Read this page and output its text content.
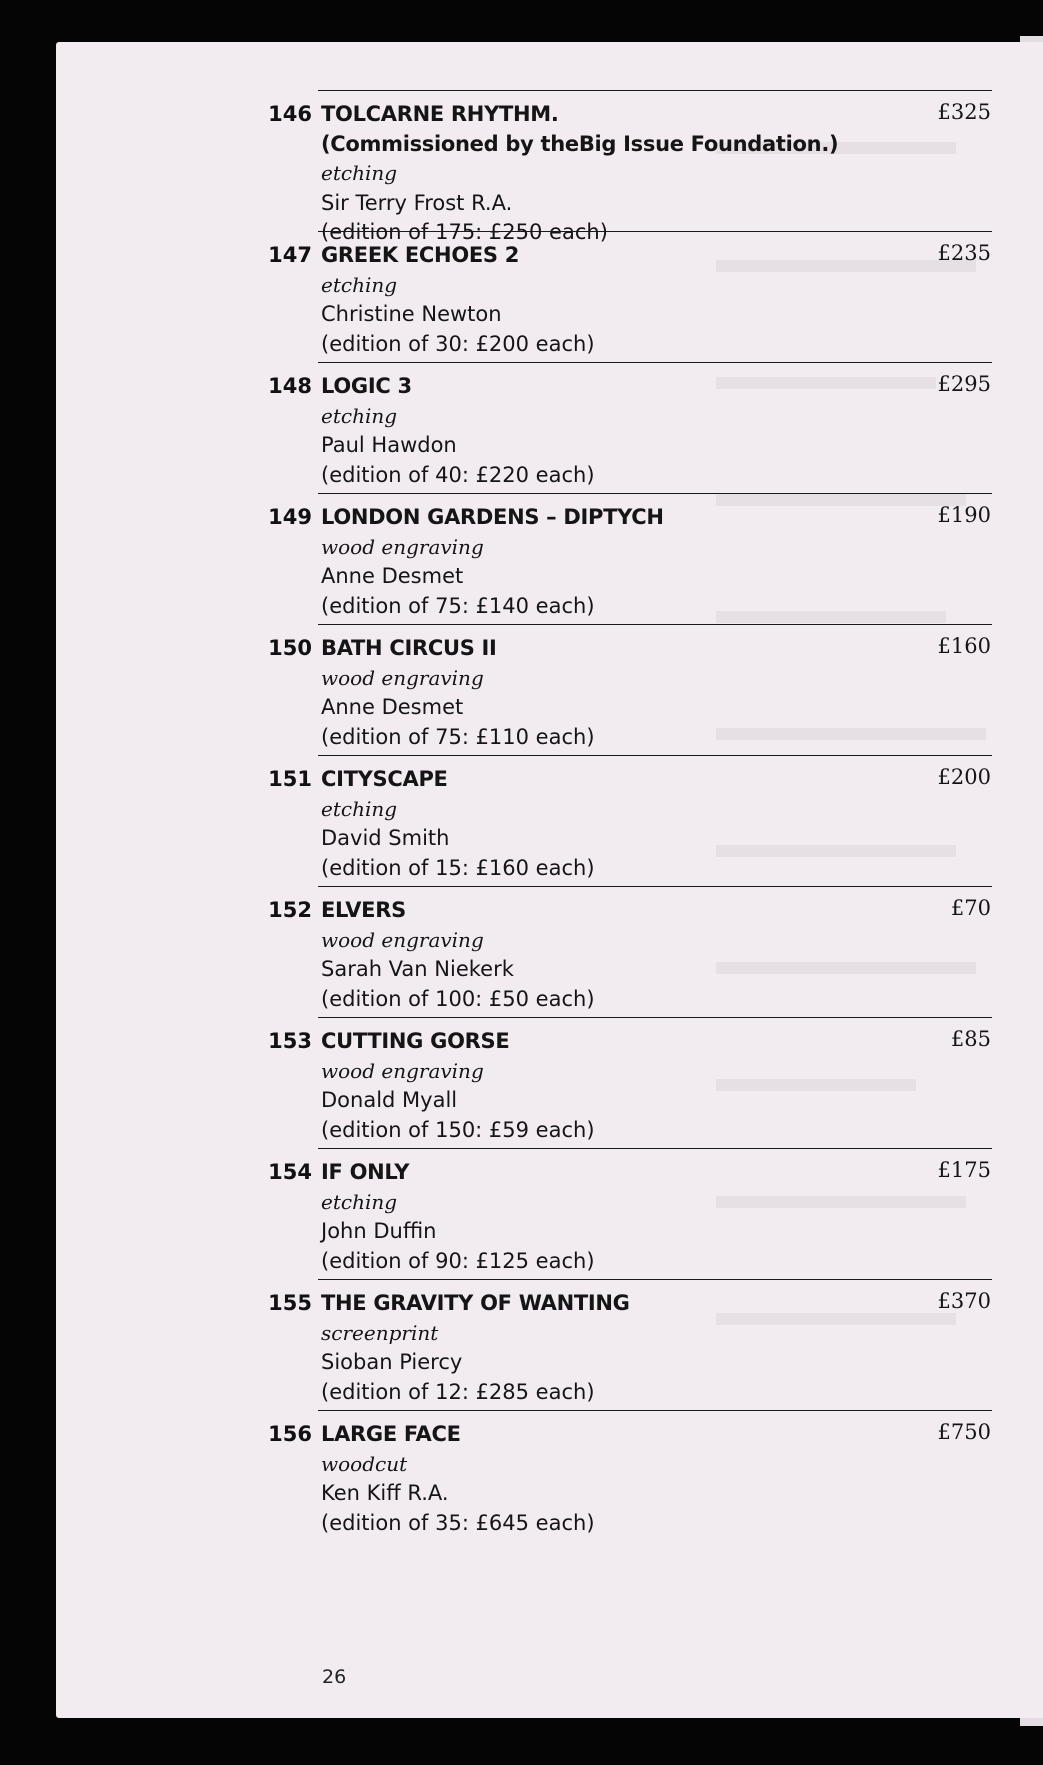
146 TOLCARNE RHYTHM.
(Commissioned by theBig Issue Foundation.)
etching
Sir Terry Frost R.A.
(edition of 175: £250 each)
£325
147 GREEK ECHOES 2
etching
Christine Newton
(edition of 30: £200 each)
£235
148 LOGIC 3
etching
Paul Hawdon
(edition of 40: £220 each)
£295
149 LONDON GARDENS – DIPTYCH
wood engraving
Anne Desmet
(edition of 75: £140 each)
£190
150 BATH CIRCUS II
wood engraving
Anne Desmet
(edition of 75: £110 each)
£160
151 CITYSCAPE
etching
David Smith
(edition of 15: £160 each)
£200
152 ELVERS
wood engraving
Sarah Van Niekerk
(edition of 100: £50 each)
£70
153 CUTTING GORSE
wood engraving
Donald Myall
(edition of 150: £59 each)
£85
154 IF ONLY
etching
John Duffin
(edition of 90: £125 each)
£175
155 THE GRAVITY OF WANTING
screenprint
Sioban Piercy
(edition of 12: £285 each)
£370
156 LARGE FACE
woodcut
Ken Kiff R.A.
(edition of 35: £645 each)
£750
26
